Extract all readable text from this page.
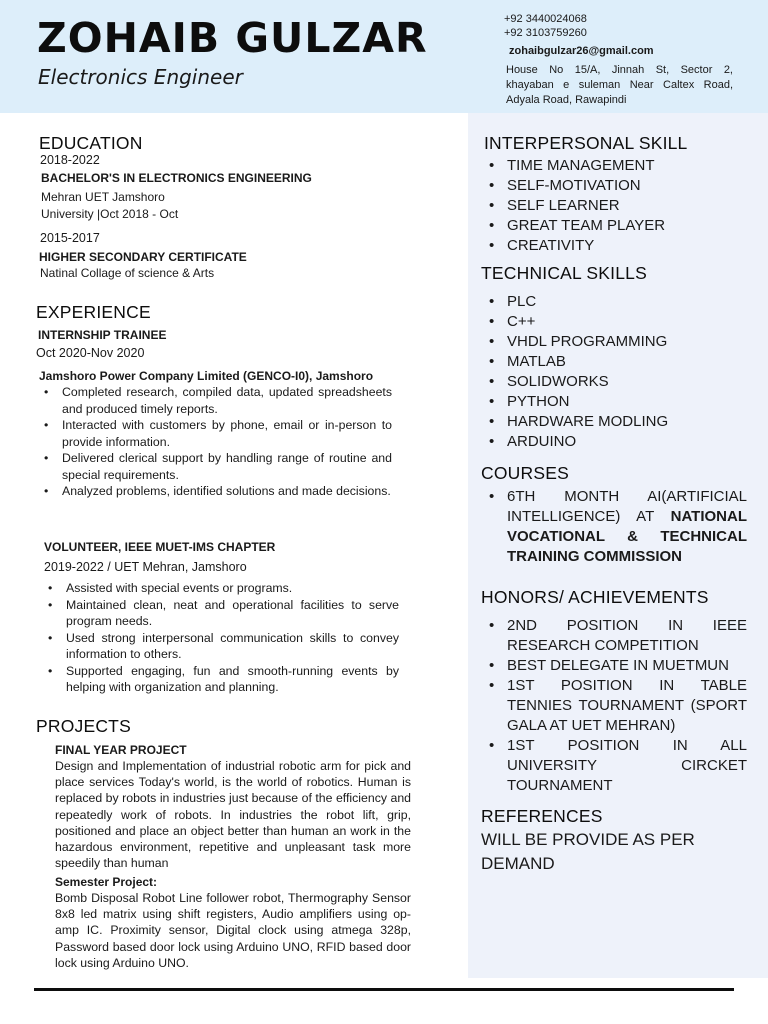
ZOHAIB GULZAR
Electronics Engineer
+92 3440024068
+92 3103759260
zohaibgulzar26@gmail.com
House No 15/A, Jinnah St, Sector 2, khayaban e suleman Near Caltex Road, Adyala Road, Rawapindi
EDUCATION
2018-2022
BACHELOR'S IN ELECTRONICS ENGINEERING
Mehran UET Jamshoro
University |Oct 2018 - Oct
2015-2017
HIGHER SECONDARY CERTIFICATE
Natinal Collage of science & Arts
EXPERIENCE
INTERNSHIP TRAINEE
Oct 2020-Nov 2020
Jamshoro Power Company Limited (GENCO-I0), Jamshoro
• Completed research, compiled data, updated spreadsheets and produced timely reports.
• Interacted with customers by phone, email or in-person to provide information.
• Delivered clerical support by handling range of routine and special requirements.
• Analyzed problems, identified solutions and made decisions.
VOLUNTEER, IEEE MUET-IMS CHAPTER
2019-2022 / UET Mehran, Jamshoro
• Assisted with special events or programs.
• Maintained clean, neat and operational facilities to serve program needs.
• Used strong interpersonal communication skills to convey information to others.
• Supported engaging, fun and smooth-running events by helping with organization and planning.
PROJECTS
FINAL YEAR PROJECT
Design and Implementation of industrial robotic arm for pick and place services Today's world, is the world of robotics. Human is replaced by robots in industries just because of the efficiency and repeatedly work of robots. In industries the robot lift, grip, positioned and place an object better than human an work in the hazardous environment, repetitive and unpleasant task more speedily than human
Semester Project:
Bomb Disposal Robot Line follower robot, Thermography Sensor 8x8 led matrix using shift registers, Audio amplifiers using op-amp IC. Proximity sensor, Digital clock using atmega 328p, Password based door lock using Arduino UNO, RFID based door lock using Arduino UNO.
INTERPERSONAL SKILL
• TIME MANAGEMENT
• SELF-MOTIVATION
• SELF LEARNER
• GREAT TEAM PLAYER
• CREATIVITY
TECHNICAL SKILLS
• PLC
• C++
• VHDL PROGRAMMING
• MATLAB
• SOLIDWORKS
• PYTHON
• HARDWARE MODLING
• ARDUINO
COURSES
• 6TH MONTH AI(ARTIFICIAL INTELLIGENCE) AT NATIONAL VOCATIONAL & TECHNICAL TRAINING COMMISSION
HONORS/ ACHIEVEMENTS
• 2ND POSITION IN IEEE RESEARCH COMPETITION
• BEST DELEGATE IN MUETMUN
• 1ST POSITION IN TABLE TENNIES TOURNAMENT (SPORT GALA AT UET MEHRAN)
• 1ST POSITION IN ALL UNIVERSITY CIRCKET TOURNAMENT
REFERENCES
WILL BE PROVIDE AS PER DEMAND
